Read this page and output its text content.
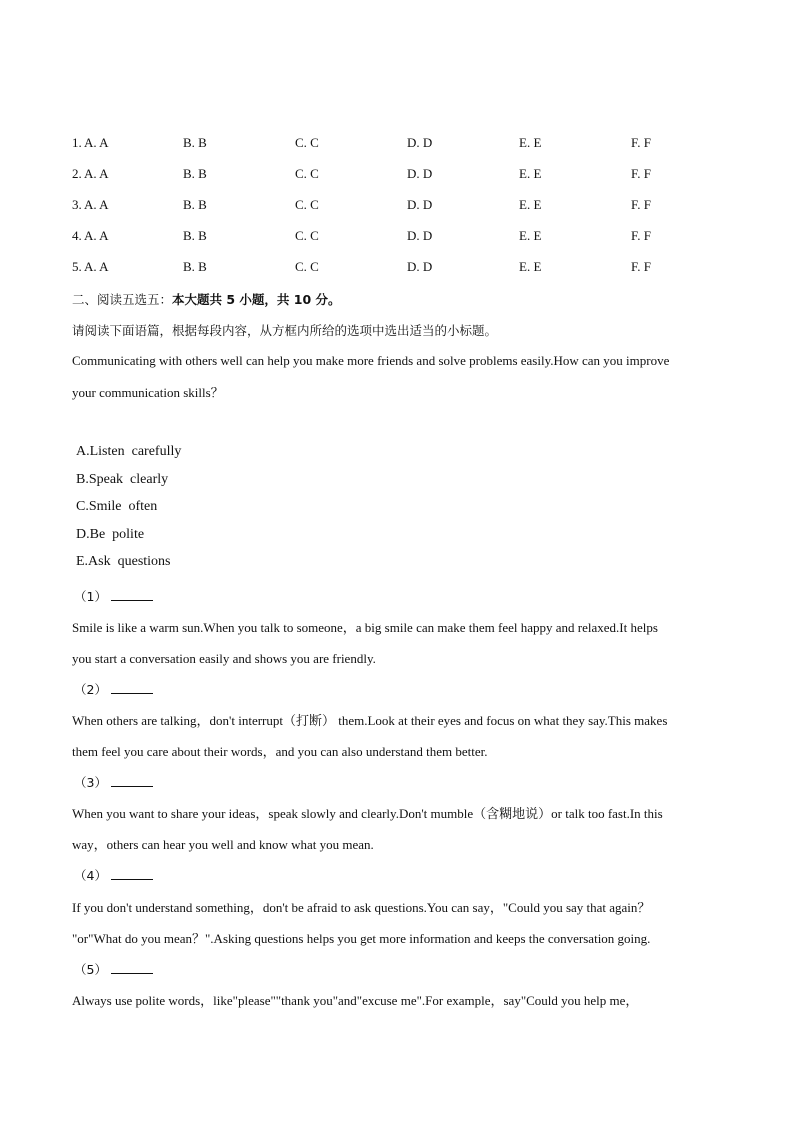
1. A. A	B. B	C. C	D. D	E. E	F. F
2. A. A	B. B	C. C	D. D	E. E	F. F
3. A. A	B. B	C. C	D. D	E. E	F. F
4. A. A	B. B	C. C	D. D	E. E	F. F
5. A. A	B. B	C. C	D. D	E. E	F. F
二、阅读五选五：本大题共 5 小题，共 10 分。
请阅读下面语篇，根据每段内容，从方框内所给的选项中选出适当的小标题。
Communicating with others well can help you make more friends and solve problems easily.How can you improve
your communication skills？
A.Listen  carefully
B.Speak  clearly
C.Smile  often
D.Be  polite
E.Ask  questions
（1）
Smile is like a warm sun.When you talk to someone，a big smile can make them feel happy and relaxed.It helps
you start a conversation easily and shows you are friendly.
（2）
When others are talking，don't interrupt（打断） them.Look at their eyes and focus on what they say.This makes
them feel you care about their words，and you can also understand them better.
（3）
When you want to share your ideas，speak slowly and clearly.Don't mumble（含糊地说）or talk too fast.In this
way，others can hear you well and know what you mean.
（4）
If you don't understand something，don't be afraid to ask questions.You can say，"Could you say that again？
"or"What do you mean？".Asking questions helps you get more information and keeps the conversation going.
（5）
Always use polite words，like"please""thank you"and"excuse me".For example，say"Could you help me，
